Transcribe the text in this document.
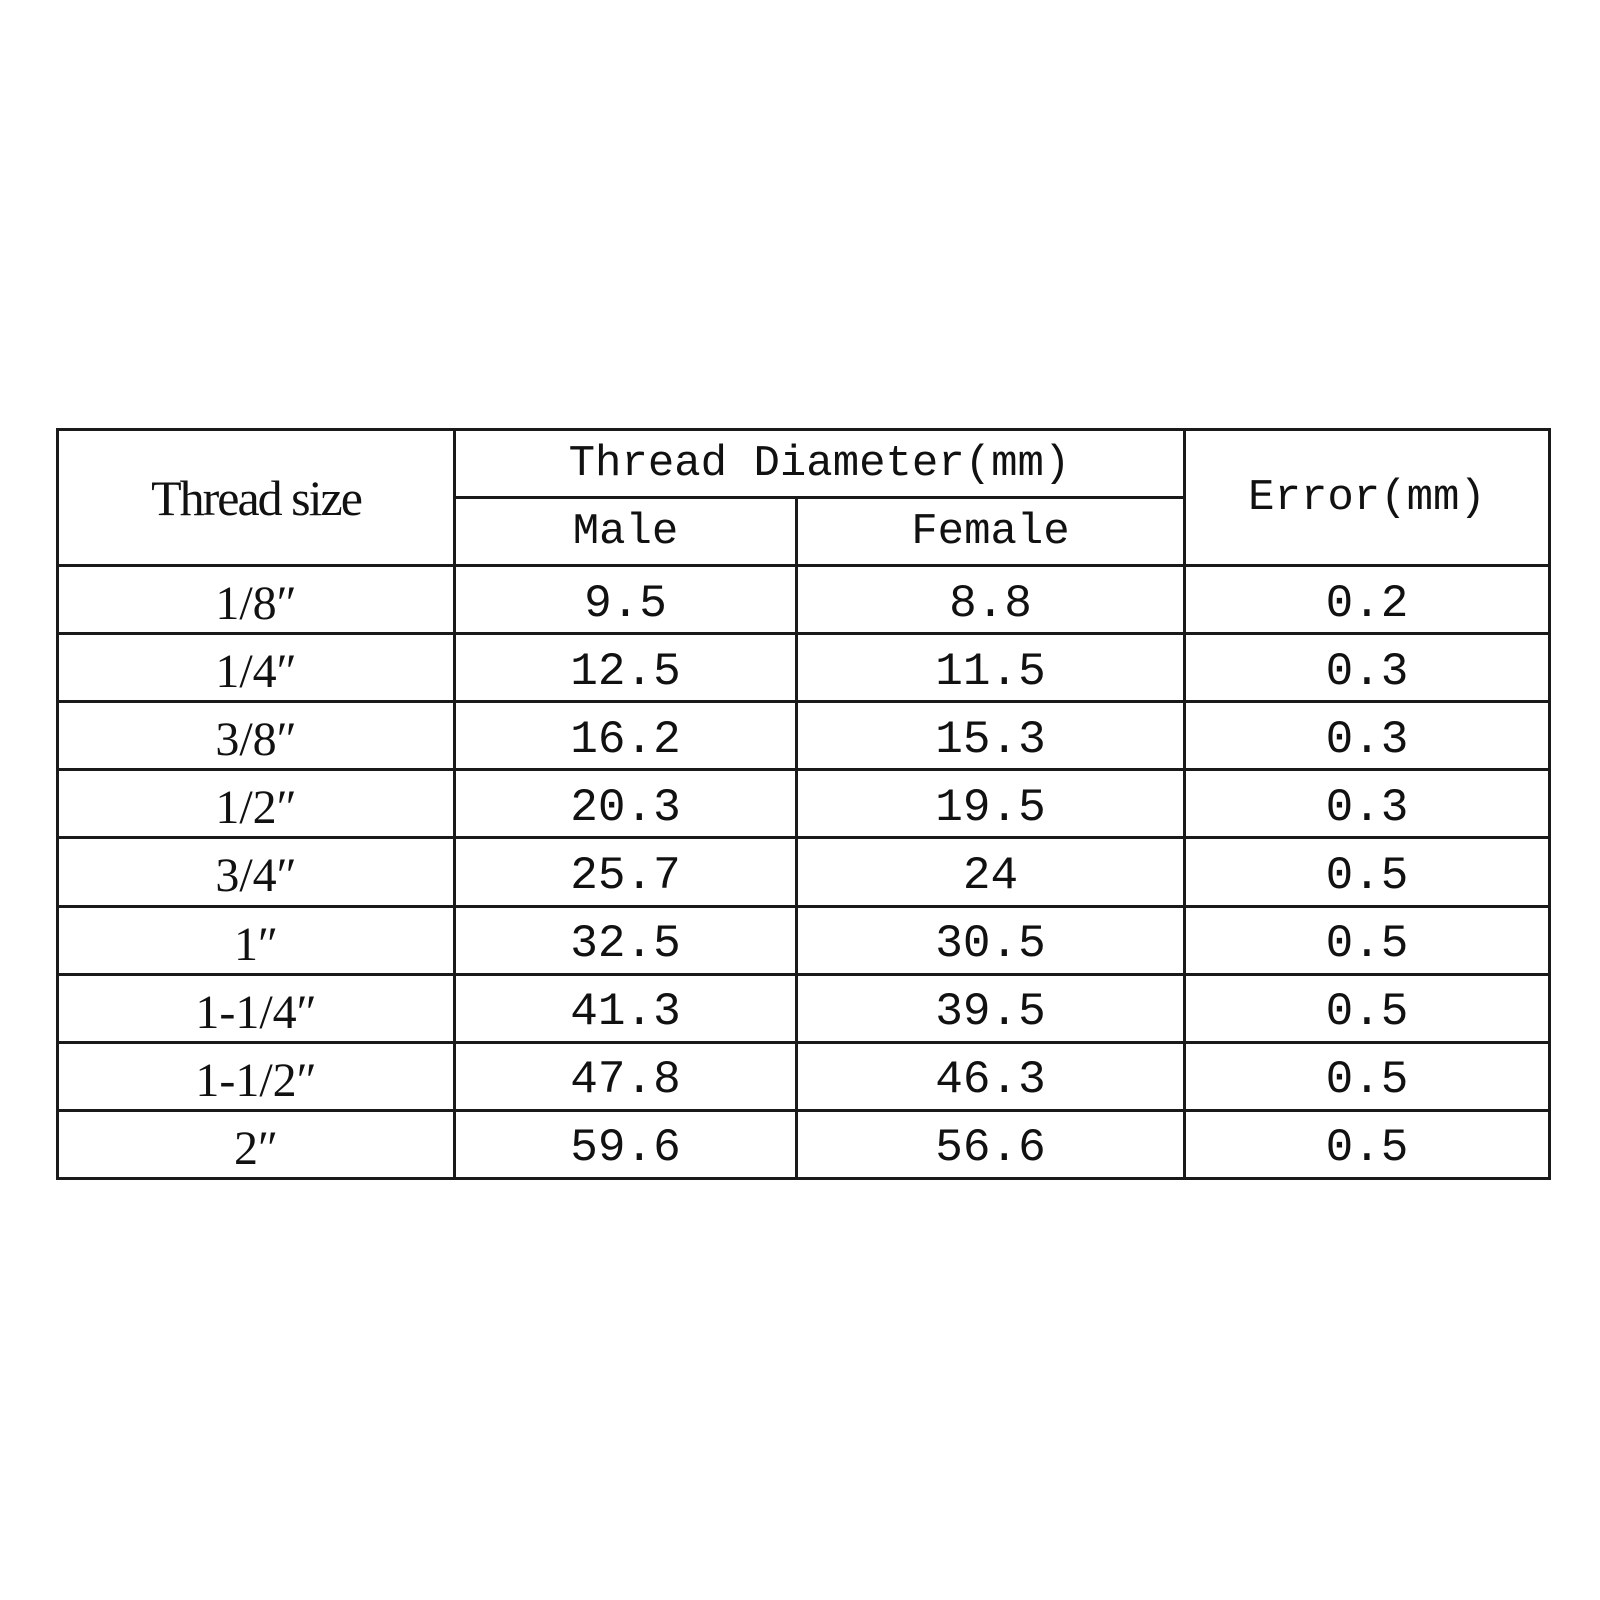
Thread size	Thread Diameter(mm)		Error(mm)
	Male	Female	
1/8″	9.5	8.8	0.2
1/4″	12.5	11.5	0.3
3/8″	16.2	15.3	0.3
1/2″	20.3	19.5	0.3
3/4″	25.7	24	0.5
1″	32.5	30.5	0.5
1-1/4″	41.3	39.5	0.5
1-1/2″	47.8	46.3	0.5
2″	59.6	56.6	0.5
